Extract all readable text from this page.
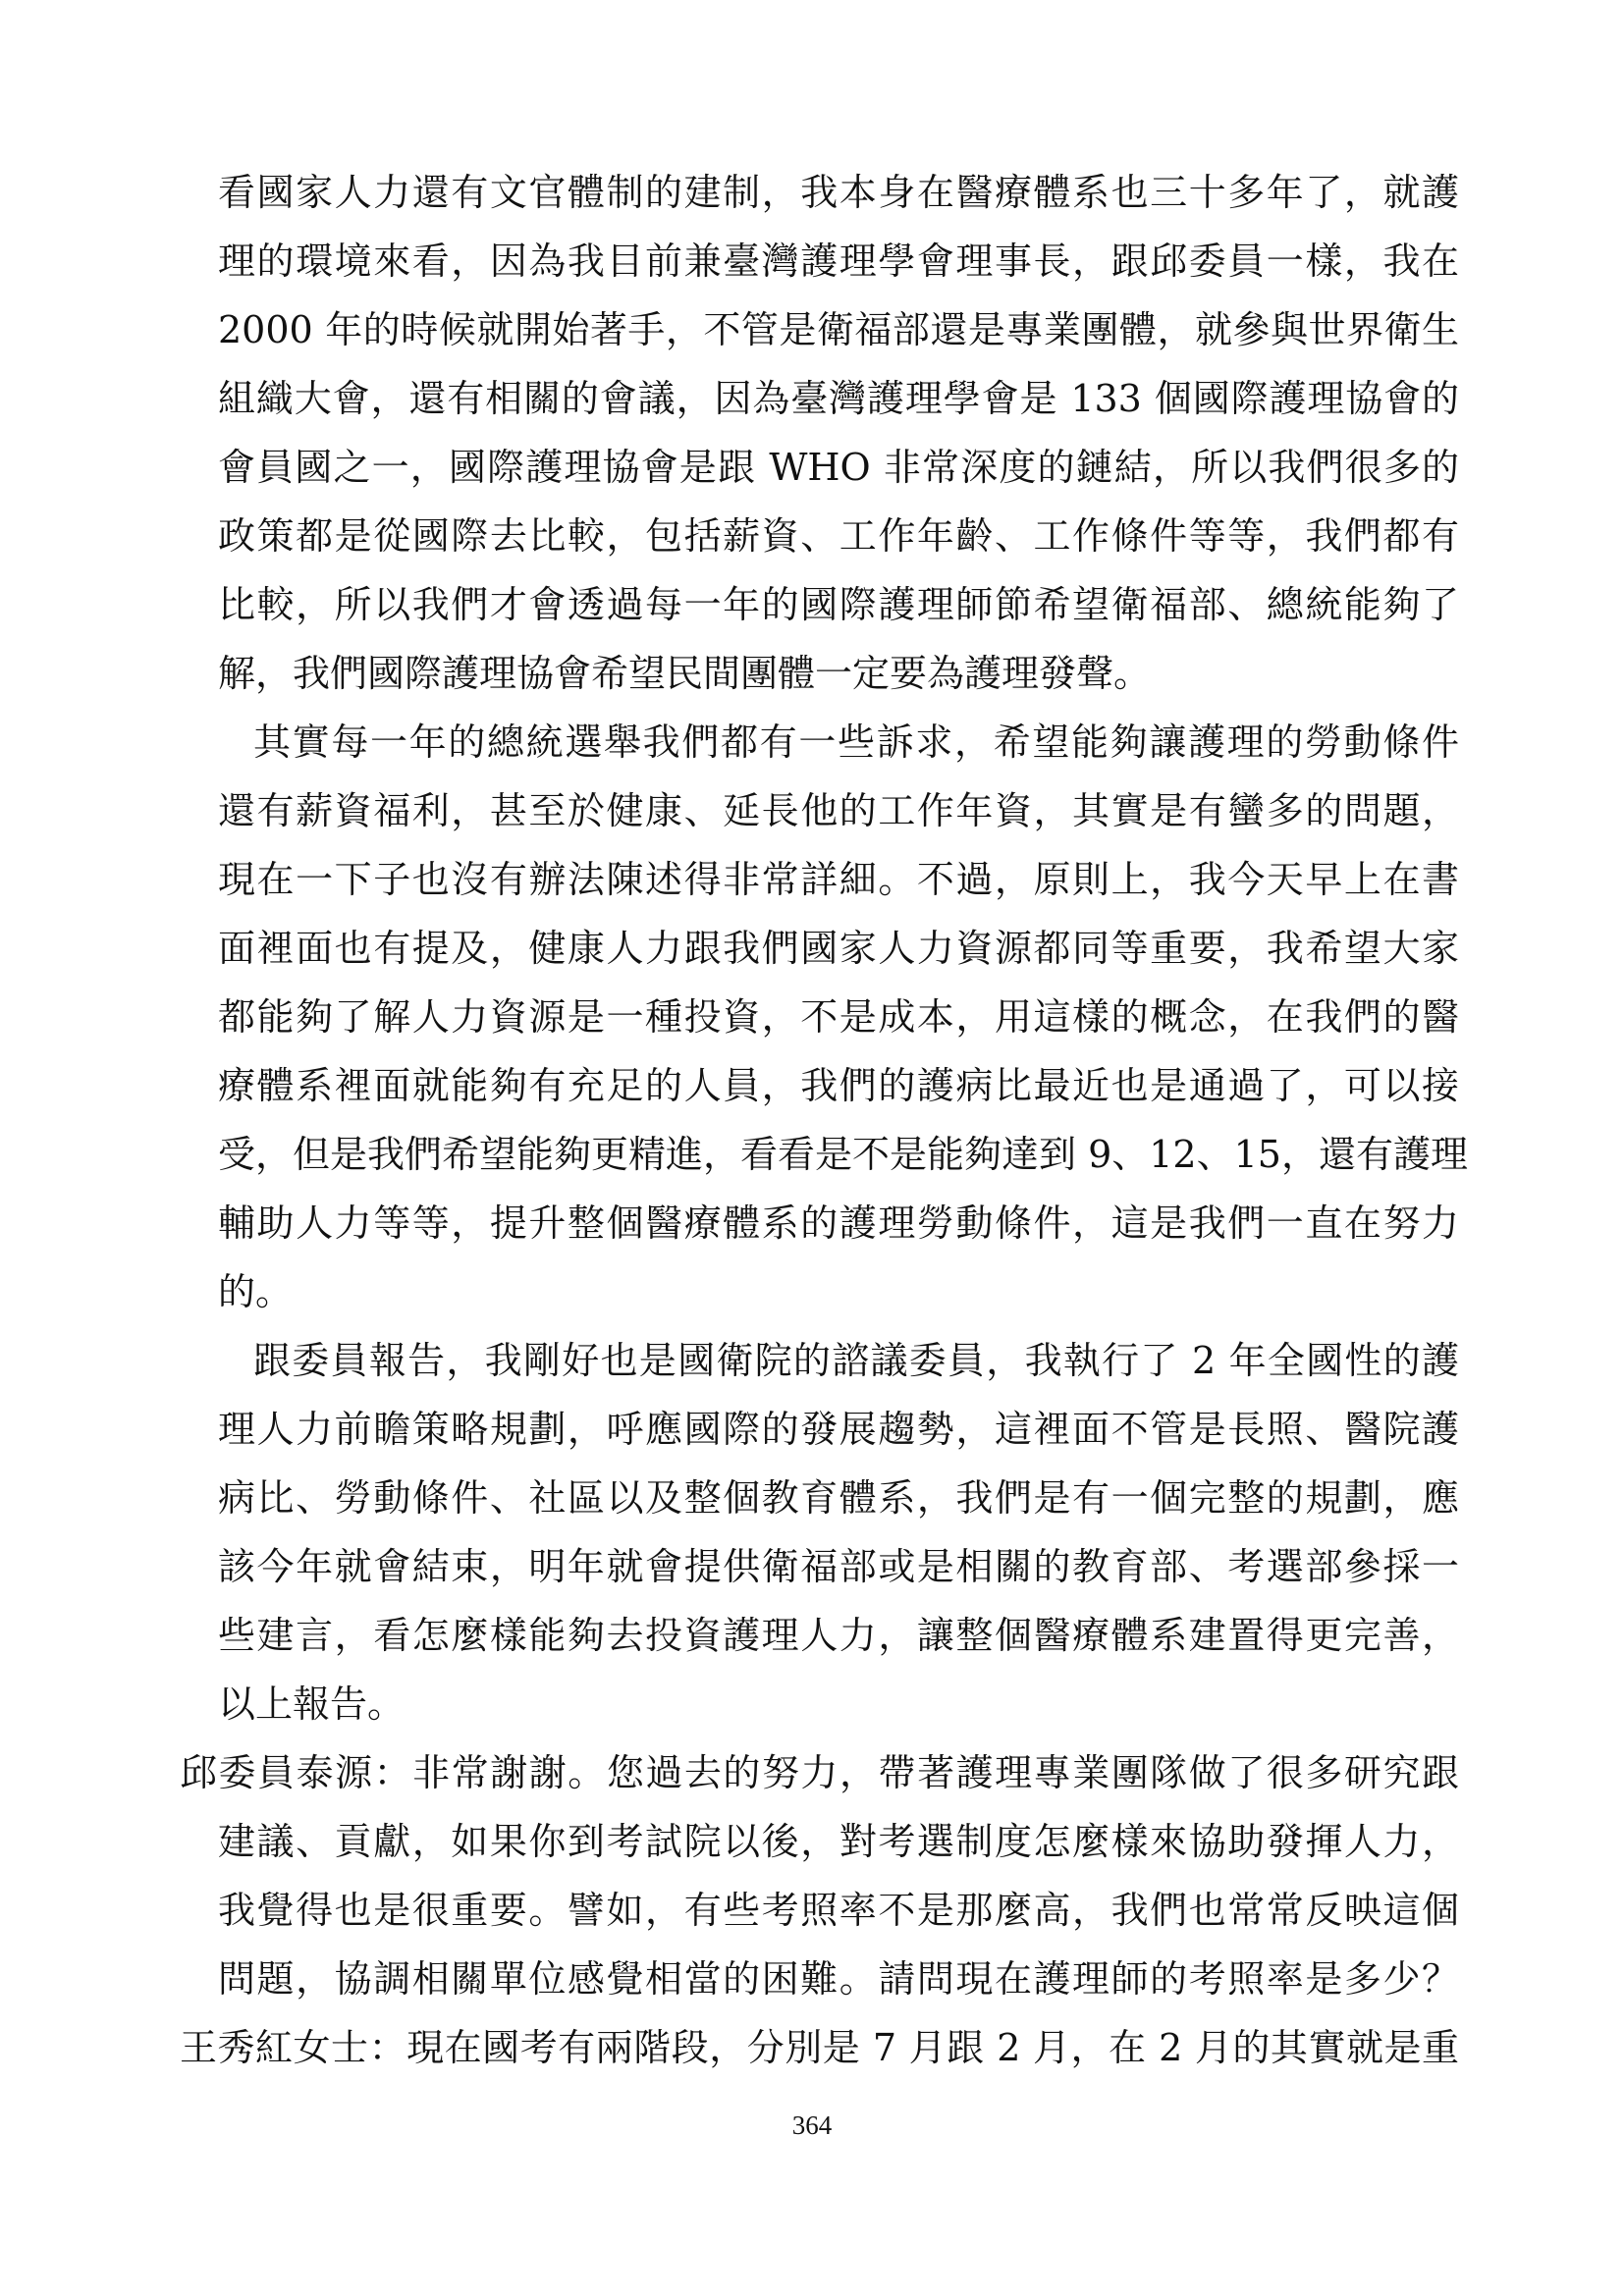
看國家人力還有文官體制的建制，我本身在醫療體系也三十多年了，就護
理的環境來看，因為我目前兼臺灣護理學會理事長，跟邱委員一樣，我在
2000 年的時候就開始著手，不管是衛福部還是專業團體，就參與世界衛生
組織大會，還有相關的會議，因為臺灣護理學會是 133 個國際護理協會的
會員國之一，國際護理協會是跟 WHO 非常深度的鏈結，所以我們很多的
政策都是從國際去比較，包括薪資、工作年齡、工作條件等等，我們都有
比較，所以我們才會透過每一年的國際護理師節希望衛福部、總統能夠了
解，我們國際護理協會希望民間團體一定要為護理發聲。
其實每一年的總統選舉我們都有一些訴求，希望能夠讓護理的勞動條件
還有薪資福利，甚至於健康、延長他的工作年資，其實是有蠻多的問題，
現在一下子也沒有辦法陳述得非常詳細。不過，原則上，我今天早上在書
面裡面也有提及，健康人力跟我們國家人力資源都同等重要，我希望大家
都能夠了解人力資源是一種投資，不是成本，用這樣的概念，在我們的醫
療體系裡面就能夠有充足的人員，我們的護病比最近也是通過了，可以接
受，但是我們希望能夠更精進，看看是不是能夠達到 9、12、15，還有護理
輔助人力等等，提升整個醫療體系的護理勞動條件，這是我們一直在努力
的。
跟委員報告，我剛好也是國衛院的諮議委員，我執行了 2 年全國性的護
理人力前瞻策略規劃，呼應國際的發展趨勢，這裡面不管是長照、醫院護
病比、勞動條件、社區以及整個教育體系，我們是有一個完整的規劃，應
該今年就會結束，明年就會提供衛福部或是相關的教育部、考選部參採一
些建言，看怎麼樣能夠去投資護理人力，讓整個醫療體系建置得更完善，
以上報告。
邱委員泰源：非常謝謝。您過去的努力，帶著護理專業團隊做了很多研究跟
建議、貢獻，如果你到考試院以後，對考選制度怎麼樣來協助發揮人力，
我覺得也是很重要。譬如，有些考照率不是那麼高，我們也常常反映這個
問題，協調相關單位感覺相當的困難。請問現在護理師的考照率是多少？
王秀紅女士：現在國考有兩階段，分別是 7 月跟 2 月，在 2 月的其實就是重
364
